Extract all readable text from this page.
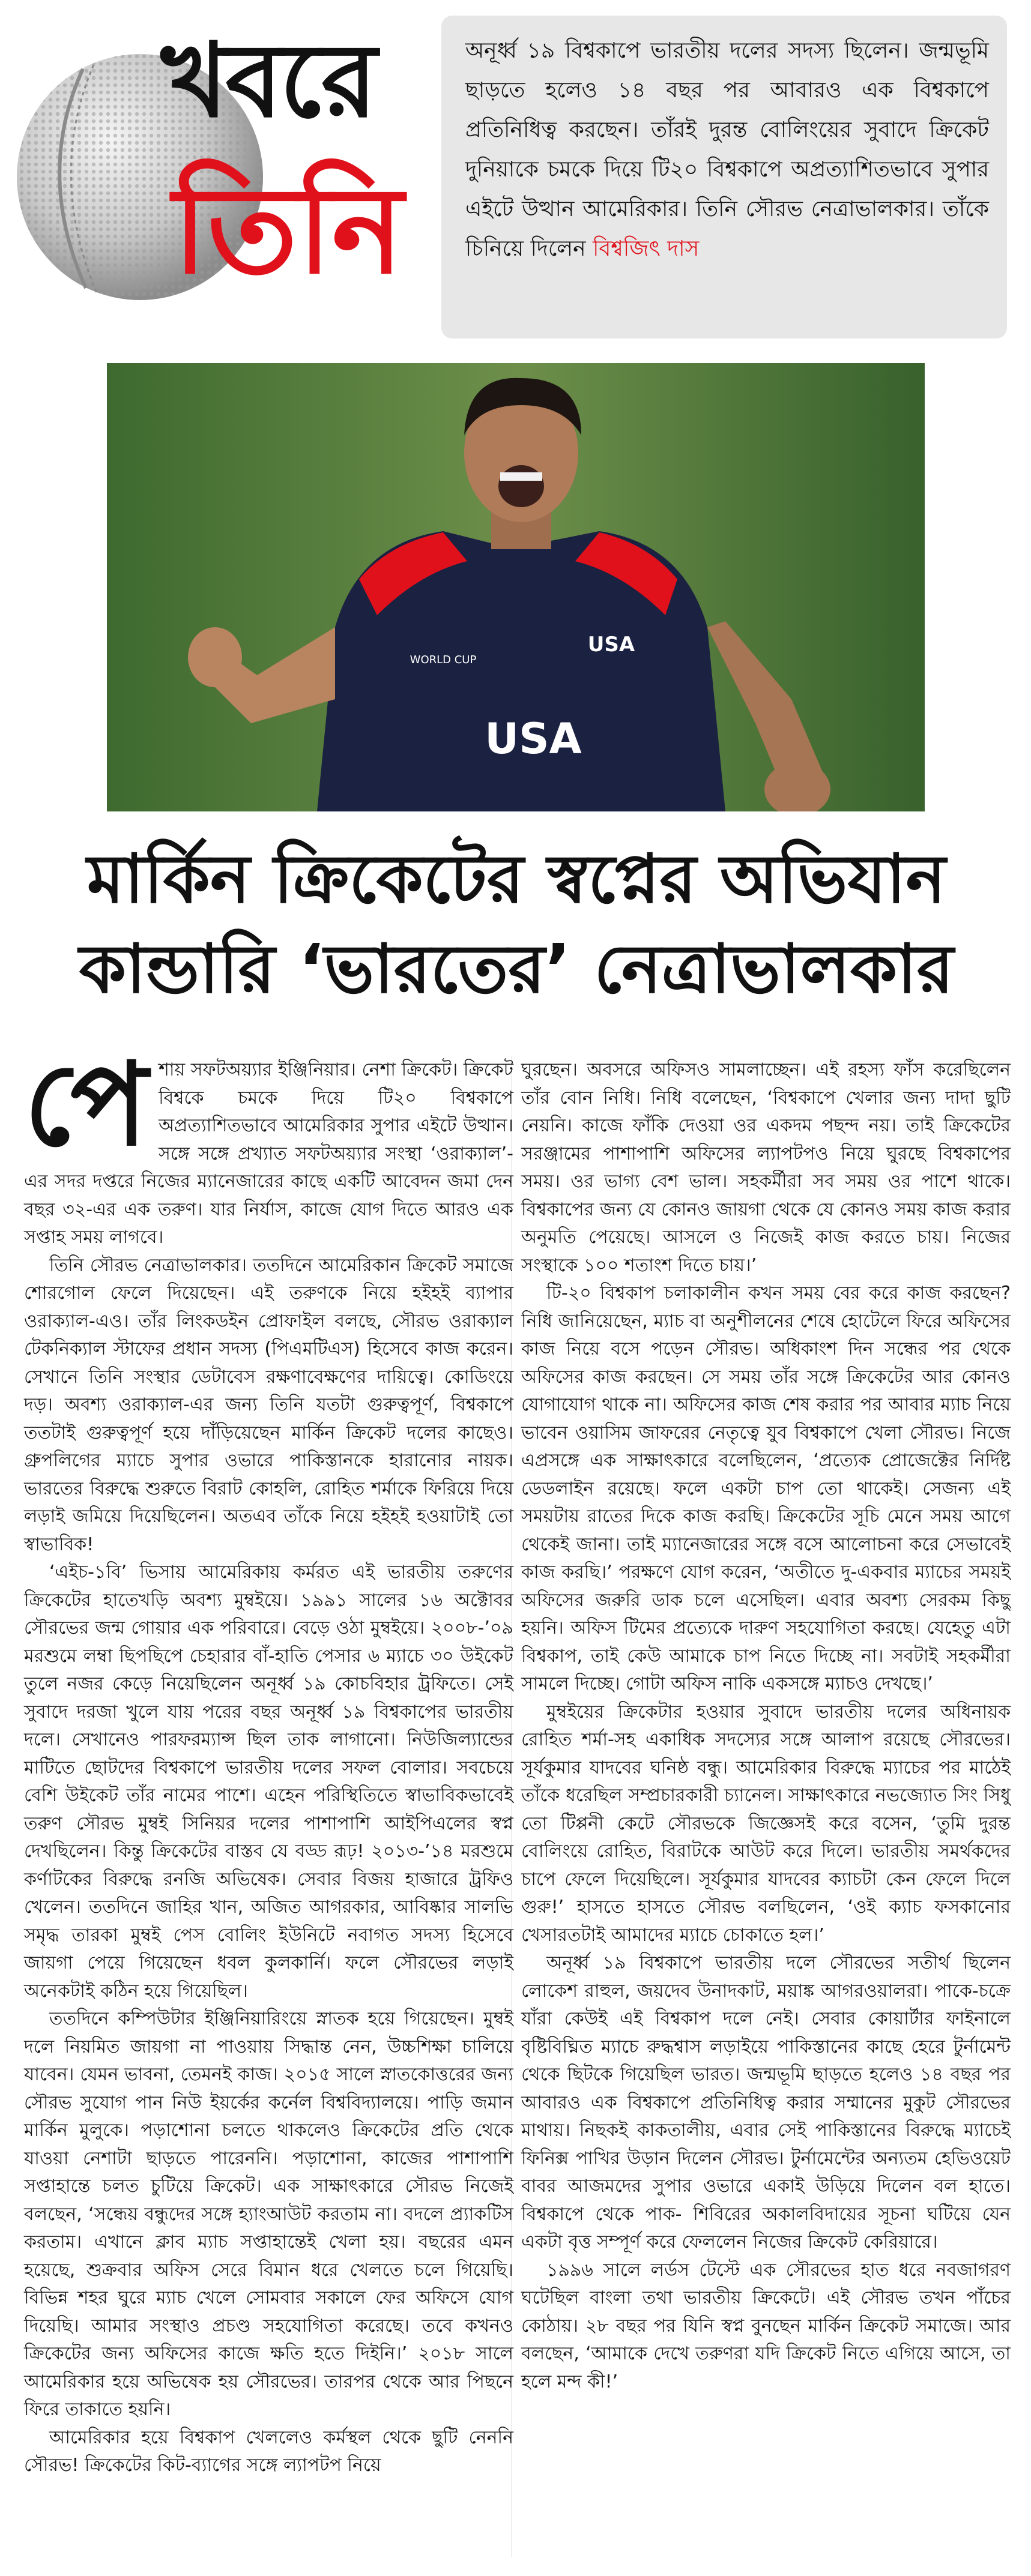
খবরে
তিনি
অনূর্ধ্ব ১৯ বিশ্বকাপে ভারতীয় দলের সদস্য ছিলেন। জন্মভূমি ছাড়তে হলেও ১৪ বছর পর আবারও এক বিশ্বকাপে প্রতিনিধিত্ব করছেন। তাঁরই দুরন্ত বোলিংয়ের সুবাদে ক্রিকেট দুনিয়াকে চমকে দিয়ে টি২০ বিশ্বকাপে অপ্রত্যাশিতভাবে সুপার এইটে উত্থান আমেরিকার। তিনি সৌরভ নেত্রাভালকার। তাঁকে চিনিয়ে দিলেন বিশ্বজিৎ দাস
USA
USA
WORLD CUP
মার্কিন ক্রিকেটের স্বপ্নের অভিযান
কান্ডারি ‘ভারতের’ নেত্রাভালকার

পে শায় সফটঅয়্যার ইঞ্জিনিয়ার। নেশা ক্রিকেট। ক্রিকেট বিশ্বকে চমকে দিয়ে টি২০ বিশ্বকাপে অপ্রত্যাশিতভাবে আমেরিকার সুপার এইটে উত্থান। সঙ্গে সঙ্গে প্রখ্যাত সফটঅয়্যার সংস্থা ‘ওরাক্যাল’-এর সদর দপ্তরে নিজের ম্যানেজারের কাছে একটি আবেদন জমা দেন বছর ৩২-এর এক তরুণ। যার নির্যাস, কাজে যোগ দিতে আরও এক সপ্তাহ সময় লাগবে।

তিনি সৌরভ নেত্রাভালকার। ততদিনে আমেরিকান ক্রিকেট সমাজে শোরগোল ফেলে দিয়েছেন। এই তরুণকে নিয়ে হইহই ব্যাপার ওরাক্যাল-এও। তাঁর লিংকডইন প্রোফাইল বলছে, সৌরভ ওরাক্যাল টেকনিক্যাল স্টাফের প্রধান সদস্য (পিএমটিএস) হিসেবে কাজ করেন। সেখানে তিনি সংস্থার ডেটাবেস রক্ষণাবেক্ষণের দায়িত্বে। কোডিংয়ে দড়। অবশ্য ওরাক্যাল-এর জন্য তিনি যতটা গুরুত্বপূর্ণ, বিশ্বকাপে ততটাই গুরুত্বপূর্ণ হয়ে দাঁড়িয়েছেন মার্কিন ক্রিকেট দলের কাছেও। গ্রুপলিগের ম্যাচে সুপার ওভারে পাকিস্তানকে হারানোর নায়ক। ভারতের বিরুদ্ধে শুরুতে বিরাট কোহলি, রোহিত শর্মাকে ফিরিয়ে দিয়ে লড়াই জমিয়ে দিয়েছিলেন। অতএব তাঁকে নিয়ে হইহই হওয়াটাই তো স্বাভাবিক!

‘এইচ-১বি’ ভিসায় আমেরিকায় কর্মরত এই ভারতীয় তরুণের ক্রিকেটের হাতেখড়ি অবশ্য মুম্বইয়ে। ১৯৯১ সালের ১৬ অক্টোবর সৌরভের জন্ম গোয়ার এক পরিবারে। বেড়ে ওঠা মুম্বইয়ে। ২০০৮-’০৯ মরশুমে লম্বা ছিপছিপে চেহারার বাঁ-হাতি পেসার ৬ ম্যাচে ৩০ উইকেট তুলে নজর কেড়ে নিয়েছিলেন অনূর্ধ্ব ১৯ কোচবিহার ট্রফিতে। সেই সুবাদে দরজা খুলে যায় পরের বছর অনূর্ধ্ব ১৯ বিশ্বকাপের ভারতীয় দলে। সেখানেও পারফরম্যান্স ছিল তাক লাগানো। নিউজিল্যান্ডের মাটিতে ছোটদের বিশ্বকাপে ভারতীয় দলের সফল বোলার। সবচেয়ে বেশি উইকেট তাঁর নামের পাশে। এহেন পরিস্থিতিতে স্বাভাবিকভাবেই তরুণ সৌরভ মুম্বই সিনিয়র দলের পাশাপাশি আইপিএলের স্বপ্ন দেখছিলেন। কিন্তু ক্রিকেটের বাস্তব যে বড্ড রূঢ়! ২০১৩-’১৪ মরশুমে কর্ণাটকের বিরুদ্ধে রনজি অভিষেক। সেবার বিজয় হাজারে ট্রফিও খেলেন। ততদিনে জাহির খান, অজিত আগরকার, আবিষ্কার সালভি সমৃদ্ধ তারকা মুম্বই পেস বোলিং ইউনিটে নবাগত সদস্য হিসেবে জায়গা পেয়ে গিয়েছেন ধবল কুলকার্নি। ফলে সৌরভের লড়াই অনেকটাই কঠিন হয়ে গিয়েছিল।

ততদিনে কম্পিউটার ইঞ্জিনিয়ারিংয়ে স্নাতক হয়ে গিয়েছেন। মুম্বই দলে নিয়মিত জায়গা না পাওয়ায় সিদ্ধান্ত নেন, উচ্চশিক্ষা চালিয়ে যাবেন। যেমন ভাবনা, তেমনই কাজ। ২০১৫ সালে স্নাতকোত্তরের জন্য সৌরভ সুযোগ পান নিউ ইয়র্কের কর্নেল বিশ্ববিদ্যালয়ে। পাড়ি জমান মার্কিন মুলুকে। পড়াশোনা চলতে থাকলেও ক্রিকেটের প্রতি থেকে যাওয়া নেশাটা ছাড়তে পারেননি। পড়াশোনা, কাজের পাশাপাশি সপ্তাহান্তে চলত চুটিয়ে ক্রিকেট। এক সাক্ষাৎকারে সৌরভ নিজেই বলছেন, ‘সন্ধেয় বন্ধুদের সঙ্গে হ্যাংআউট করতাম না। বদলে প্র্যাকটিস করতাম। এখানে ক্লাব ম্যাচ সপ্তাহান্তেই খেলা হয়। বছরের এমন হয়েছে, শুক্রবার অফিস সেরে বিমান ধরে খেলতে চলে গিয়েছি। বিভিন্ন শহর ঘুরে ম্যাচ খেলে সোমবার সকালে ফের অফিসে যোগ দিয়েছি। আমার সংস্থাও প্রচণ্ড সহযোগিতা করেছে। তবে কখনও ক্রিকেটের জন্য অফিসের কাজে ক্ষতি হতে দিইনি।’ ২০১৮ সালে আমেরিকার হয়ে অভিষেক হয় সৌরভের। তারপর থেকে আর পিছনে ফিরে তাকাতে হয়নি।

আমেরিকার হয়ে বিশ্বকাপ খেললেও কর্মস্থল থেকে ছুটি নেননি সৌরভ! ক্রিকেটের কিট-ব্যাগের সঙ্গে ল্যাপটপ নিয়ে

ঘুরছেন। অবসরে অফিসও সামলাচ্ছেন। এই রহস্য ফাঁস করেছিলেন তাঁর বোন নিধি। নিধি বলেছেন, ‘বিশ্বকাপে খেলার জন্য দাদা ছুটি নেয়নি। কাজে ফাঁকি দেওয়া ওর একদম পছন্দ নয়। তাই ক্রিকেটের সরঞ্জামের পাশাপাশি অফিসের ল্যাপটপও নিয়ে ঘুরছে বিশ্বকাপের সময়। ওর ভাগ্য বেশ ভাল। সহকর্মীরা সব সময় ওর পাশে থাকে। বিশ্বকাপের জন্য যে কোনও জায়গা থেকে যে কোনও সময় কাজ করার অনুমতি পেয়েছে। আসলে ও নিজেই কাজ করতে চায়। নিজের সংস্থাকে ১০০ শতাংশ দিতে চায়।’

টি-২০ বিশ্বকাপ চলাকালীন কখন সময় বের করে কাজ করছেন? নিধি জানিয়েছেন, ম্যাচ বা অনুশীলনের শেষে হোটেলে ফিরে অফিসের কাজ নিয়ে বসে পড়েন সৌরভ। অধিকাংশ দিন সন্ধের পর থেকে অফিসের কাজ করছেন। সে সময় তাঁর সঙ্গে ক্রিকেটের আর কোনও যোগাযোগ থাকে না। অফিসের কাজ শেষ করার পর আবার ম্যাচ নিয়ে ভাবেন ওয়াসিম জাফরের নেতৃত্বে যুব বিশ্বকাপে খেলা সৌরভ। নিজে এপ্রসঙ্গে এক সাক্ষাৎকারে বলেছিলেন, ‘প্রত্যেক প্রোজেক্টের নির্দিষ্ট ডেডলাইন রয়েছে। ফলে একটা চাপ তো থাকেই। সেজন্য এই সময়টায় রাতের দিকে কাজ করছি। ক্রিকেটের সূচি মেনে সময় আগে থেকেই জানা। তাই ম্যানেজারের সঙ্গে বসে আলোচনা করে সেভাবেই কাজ করছি।’ পরক্ষণে যোগ করেন, ‘অতীতে দু-একবার ম্যাচের সময়ই অফিসের জরুরি ডাক চলে এসেছিল। এবার অবশ্য সেরকম কিছু হয়নি। অফিস টিমের প্রত্যেকে দারুণ সহযোগিতা করছে। যেহেতু এটা বিশ্বকাপ, তাই কেউ আমাকে চাপ নিতে দিচ্ছে না। সবটাই সহকর্মীরা সামলে দিচ্ছে। গোটা অফিস নাকি একসঙ্গে ম্যাচও দেখছে।’

মুম্বইয়ের ক্রিকেটার হওয়ার সুবাদে ভারতীয় দলের অধিনায়ক রোহিত শর্মা-সহ একাধিক সদস্যের সঙ্গে আলাপ রয়েছে সৌরভের। সূর্যকুমার যাদবের ঘনিষ্ঠ বন্ধু। আমেরিকার বিরুদ্ধে ম্যাচের পর মাঠেই তাঁকে ধরেছিল সম্প্রচারকারী চ্যানেল। সাক্ষাৎকারে নভজ্যোত সিং সিধু তো টিপ্পনী কেটে সৌরভকে জিজ্ঞেসই করে বসেন, ‘তুমি দুরন্ত বোলিংয়ে রোহিত, বিরাটকে আউট করে দিলে। ভারতীয় সমর্থকদের চাপে ফেলে দিয়েছিলে। সূর্যকুমার যাদবের ক্যাচটা কেন ফেলে দিলে গুরু!’ হাসতে হাসতে সৌরভ বলছিলেন, ‘ওই ক্যাচ ফসকানোর খেসারতটাই আমাদের ম্যাচে চোকাতে হল।’

অনূর্ধ্ব ১৯ বিশ্বকাপে ভারতীয় দলে সৌরভের সতীর্থ ছিলেন লোকেশ রাহুল, জয়দেব উনাদকাট, ময়াঙ্ক আগরওয়ালরা। পাকে-চক্রে যাঁরা কেউই এই বিশ্বকাপ দলে নেই। সেবার কোয়ার্টার ফাইনালে বৃষ্টিবিঘ্নিত ম্যাচে রুদ্ধশ্বাস লড়াইয়ে পাকিস্তানের কাছে হেরে টুর্নামেন্ট থেকে ছিটকে গিয়েছিল ভারত। জন্মভূমি ছাড়তে হলেও ১৪ বছর পর আবারও এক বিশ্বকাপে প্রতিনিধিত্ব করার সম্মানের মুকুট সৌরভের মাথায়। নিছকই কাকতালীয়, এবার সেই পাকিস্তানের বিরুদ্ধে ম্যাচেই ফিনিক্স পাখির উড়ান দিলেন সৌরভ। টুর্নামেন্টের অন্যতম হেভিওয়েট বাবর আজমদের সুপার ওভারে একাই উড়িয়ে দিলেন বল হাতে। বিশ্বকাপে থেকে পাক- শিবিরের অকালবিদায়ের সূচনা ঘটিয়ে যেন একটা বৃত্ত সম্পূর্ণ করে ফেললেন নিজের ক্রিকেট কেরিয়ারে।

১৯৯৬ সালে লর্ডস টেস্টে এক সৌরভের হাত ধরে নবজাগরণ ঘটেছিল বাংলা তথা ভারতীয় ক্রিকেটে। এই সৌরভ তখন পাঁচের কোঠায়। ২৮ বছর পর যিনি স্বপ্ন বুনছেন মার্কিন ক্রিকেট সমাজে। আর বলছেন, ‘আমাকে দেখে তরুণরা যদি ক্রিকেট নিতে এগিয়ে আসে, তা হলে মন্দ কী!’
